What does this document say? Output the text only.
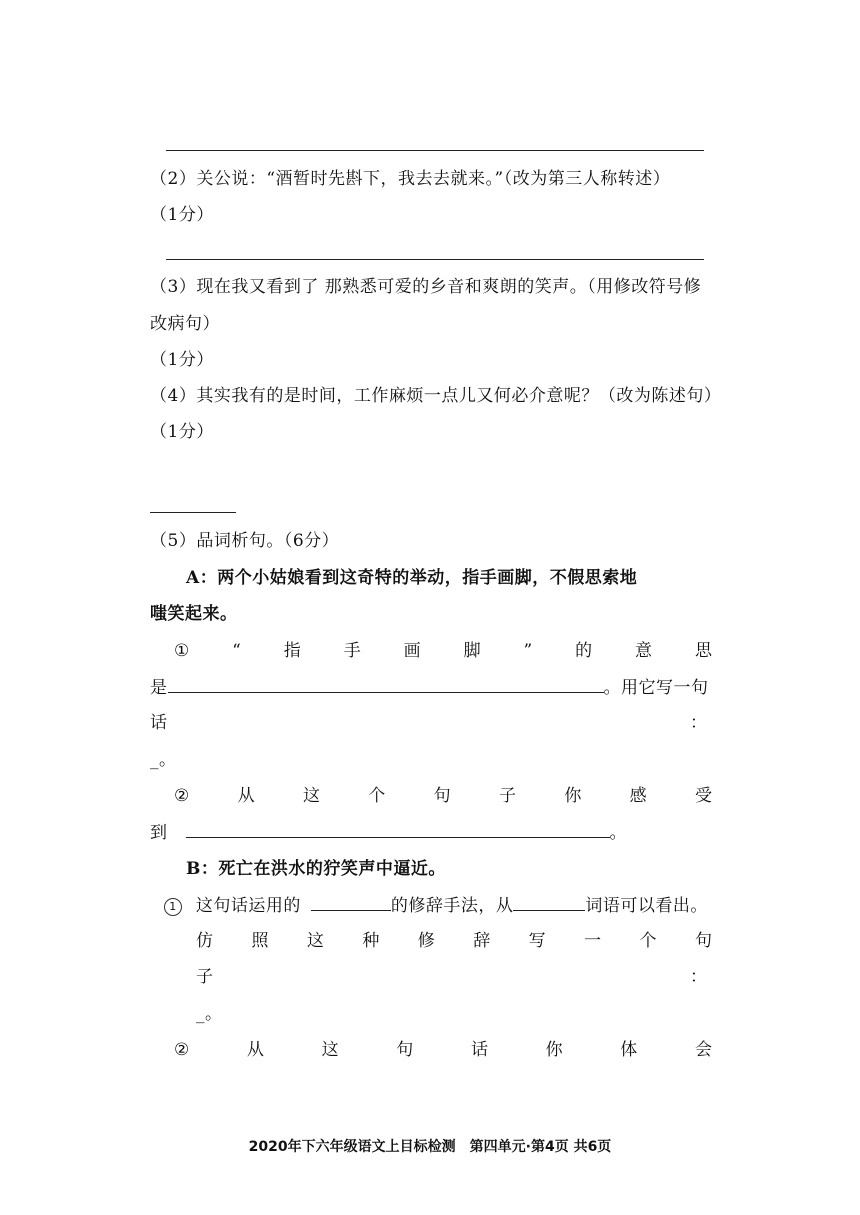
（2）关公说：“酒暂时先斟下，我去去就来。”（改为第三人称转述）
（1分）
（3）现在我又看到了 那熟悉可爱的乡音和爽朗的笑声。（用修改符号修
改病句）
（1分）
（4）其实我有的是时间，工作麻烦一点儿又何必介意呢？（改为陈述句）
（1分）
（5）品词析句。（6分）
A：两个小姑娘看到这奇特的举动，指手画脚，不假思索地
嗤笑起来。
①	“	指	手	画	脚	”	的	意	思
是	。用它写一句
话	：
_。
②	从	这	个	句	子	你	感	受
到	。
B：死亡在洪水的狞笑声中逼近。
1 这句话运用的	的修辞手法，从	词语可以看出。
仿 照 这 种 修 辞 写 一 个 句
子	：
_。
②	从	这	句	话	你	体	会
2020年下六年级语文上目标检测　第四单元·第4页 共6页
